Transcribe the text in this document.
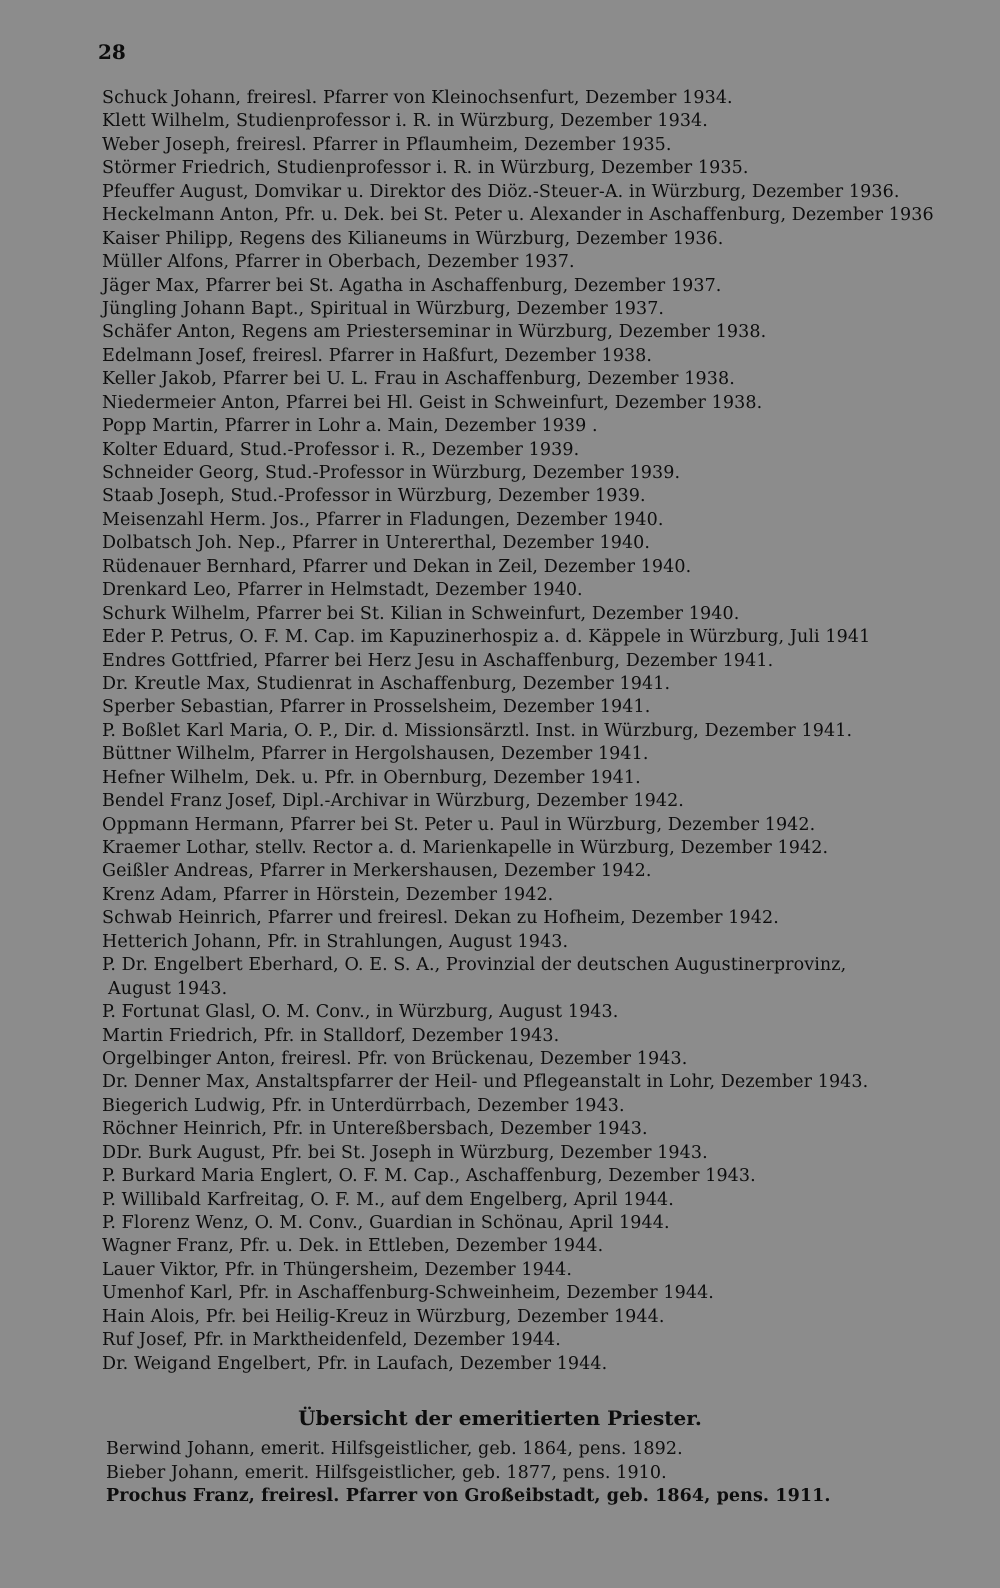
28
Schuck Johann, freiresl. Pfarrer von Kleinochsenfurt, Dezember 1934.
Klett Wilhelm, Studienprofessor i. R. in Würzburg, Dezember 1934.
Weber Joseph, freiresl. Pfarrer in Pflaumheim, Dezember 1935.
Störmer Friedrich, Studienprofessor i. R. in Würzburg, Dezember 1935.
Pfeuffer August, Domvikar u. Direktor des Diöz.-Steuer-A. in Würzburg, Dezember 1936.
Heckelmann Anton, Pfr. u. Dek. bei St. Peter u. Alexander in Aschaffenburg, Dezember 1936
Kaiser Philipp, Regens des Kilianeums in Würzburg, Dezember 1936.
Müller Alfons, Pfarrer in Oberbach, Dezember 1937.
Jäger Max, Pfarrer bei St. Agatha in Aschaffenburg, Dezember 1937.
Jüngling Johann Bapt., Spiritual in Würzburg, Dezember 1937.
Schäfer Anton, Regens am Priesterseminar in Würzburg, Dezember 1938.
Edelmann Josef, freiresl. Pfarrer in Haßfurt, Dezember 1938.
Keller Jakob, Pfarrer bei U. L. Frau in Aschaffenburg, Dezember 1938.
Niedermeier Anton, Pfarrei bei Hl. Geist in Schweinfurt, Dezember 1938.
Popp Martin, Pfarrer in Lohr a. Main, Dezember 1939 .
Kolter Eduard, Stud.-Professor i. R., Dezember 1939.
Schneider Georg, Stud.-Professor in Würzburg, Dezember 1939.
Staab Joseph, Stud.-Professor in Würzburg, Dezember 1939.
Meisenzahl Herm. Jos., Pfarrer in Fladungen, Dezember 1940.
Dolbatsch Joh. Nep., Pfarrer in Untererthal, Dezember 1940.
Rüdenauer Bernhard, Pfarrer und Dekan in Zeil, Dezember 1940.
Drenkard Leo, Pfarrer in Helmstadt, Dezember 1940.
Schurk Wilhelm, Pfarrer bei St. Kilian in Schweinfurt, Dezember 1940.
Eder P. Petrus, O. F. M. Cap. im Kapuzinerhospiz a. d. Käppele in Würzburg, Juli 1941
Endres Gottfried, Pfarrer bei Herz Jesu in Aschaffenburg, Dezember 1941.
Dr. Kreutle Max, Studienrat in Aschaffenburg, Dezember 1941.
Sperber Sebastian, Pfarrer in Prosselsheim, Dezember 1941.
P. Boßlet Karl Maria, O. P., Dir. d. Missionsärztl. Inst. in Würzburg, Dezember 1941.
Büttner Wilhelm, Pfarrer in Hergolshausen, Dezember 1941.
Hefner Wilhelm, Dek. u. Pfr. in Obernburg, Dezember 1941.
Bendel Franz Josef, Dipl.-Archivar in Würzburg, Dezember 1942.
Oppmann Hermann, Pfarrer bei St. Peter u. Paul in Würzburg, Dezember 1942.
Kraemer Lothar, stellv. Rector a. d. Marienkapelle in Würzburg, Dezember 1942.
Geißler Andreas, Pfarrer in Merkershausen, Dezember 1942.
Krenz Adam, Pfarrer in Hörstein, Dezember 1942.
Schwab Heinrich, Pfarrer und freiresl. Dekan zu Hofheim, Dezember 1942.
Hetterich Johann, Pfr. in Strahlungen, August 1943.
P. Dr. Engelbert Eberhard, O. E. S. A., Provinzial der deutschen Augustinerprovinz,
August 1943.
P. Fortunat Glasl, O. M. Conv., in Würzburg, August 1943.
Martin Friedrich, Pfr. in Stalldorf, Dezember 1943.
Orgelbinger Anton, freiresl. Pfr. von Brückenau, Dezember 1943.
Dr. Denner Max, Anstaltspfarrer der Heil- und Pflegeanstalt in Lohr, Dezember 1943.
Biegerich Ludwig, Pfr. in Unterdürrbach, Dezember 1943.
Röchner Heinrich, Pfr. in Untereßbersbach, Dezember 1943.
DDr. Burk August, Pfr. bei St. Joseph in Würzburg, Dezember 1943.
P. Burkard Maria Englert, O. F. M. Cap., Aschaffenburg, Dezember 1943.
P. Willibald Karfreitag, O. F. M., auf dem Engelberg, April 1944.
P. Florenz Wenz, O. M. Conv., Guardian in Schönau, April 1944.
Wagner Franz, Pfr. u. Dek. in Ettleben, Dezember 1944.
Lauer Viktor, Pfr. in Thüngersheim, Dezember 1944.
Umenhof Karl, Pfr. in Aschaffenburg-Schweinheim, Dezember 1944.
Hain Alois, Pfr. bei Heilig-Kreuz in Würzburg, Dezember 1944.
Ruf Josef, Pfr. in Marktheidenfeld, Dezember 1944.
Dr. Weigand Engelbert, Pfr. in Laufach, Dezember 1944.
Übersicht der emeritierten Priester.
Berwind Johann, emerit. Hilfsgeistlicher, geb. 1864, pens. 1892.
Bieber Johann, emerit. Hilfsgeistlicher, geb. 1877, pens. 1910.
Prochus Franz, freiresl. Pfarrer von Großeibstadt, geb. 1864, pens. 1911.
